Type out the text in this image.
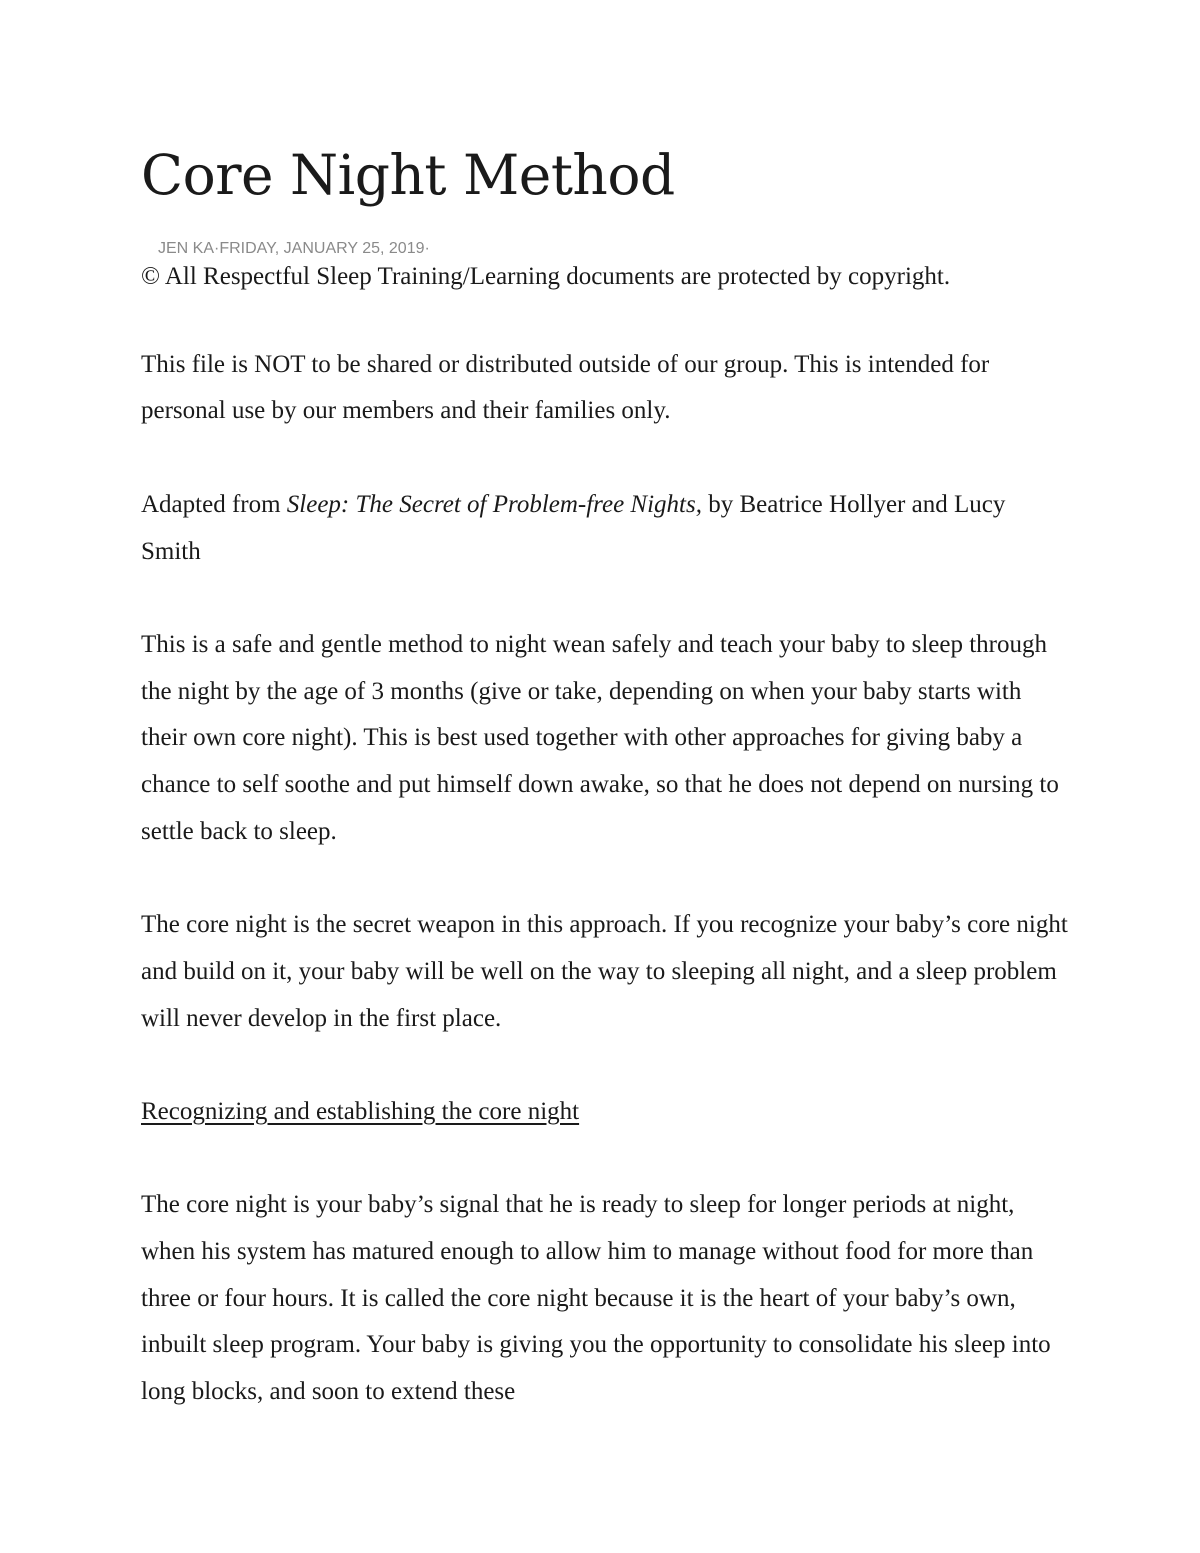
Core Night Method
JEN KA·FRIDAY, JANUARY 25, 2019·

© All Respectful Sleep Training/Learning documents are protected by copyright.

This file is NOT to be shared or distributed outside of our group. This is intended for personal use by our members and their families only.

Adapted from Sleep: The Secret of Problem-free Nights, by Beatrice Hollyer and Lucy Smith

This is a safe and gentle method to night wean safely and teach your baby to sleep through the night by the age of 3 months (give or take, depending on when your baby starts with their own core night). This is best used together with other approaches for giving baby a chance to self soothe and put himself down awake, so that he does not depend on nursing to settle back to sleep.

The core night is the secret weapon in this approach. If you recognize your baby’s core night and build on it, your baby will be well on the way to sleeping all night, and a sleep problem will never develop in the first place.

Recognizing and establishing the core night

The core night is your baby’s signal that he is ready to sleep for longer periods at night, when his system has matured enough to allow him to manage without food for more than three or four hours. It is called the core night because it is the heart of your baby’s own, inbuilt sleep program. Your baby is giving you the opportunity to consolidate his sleep into long blocks, and soon to extend these
